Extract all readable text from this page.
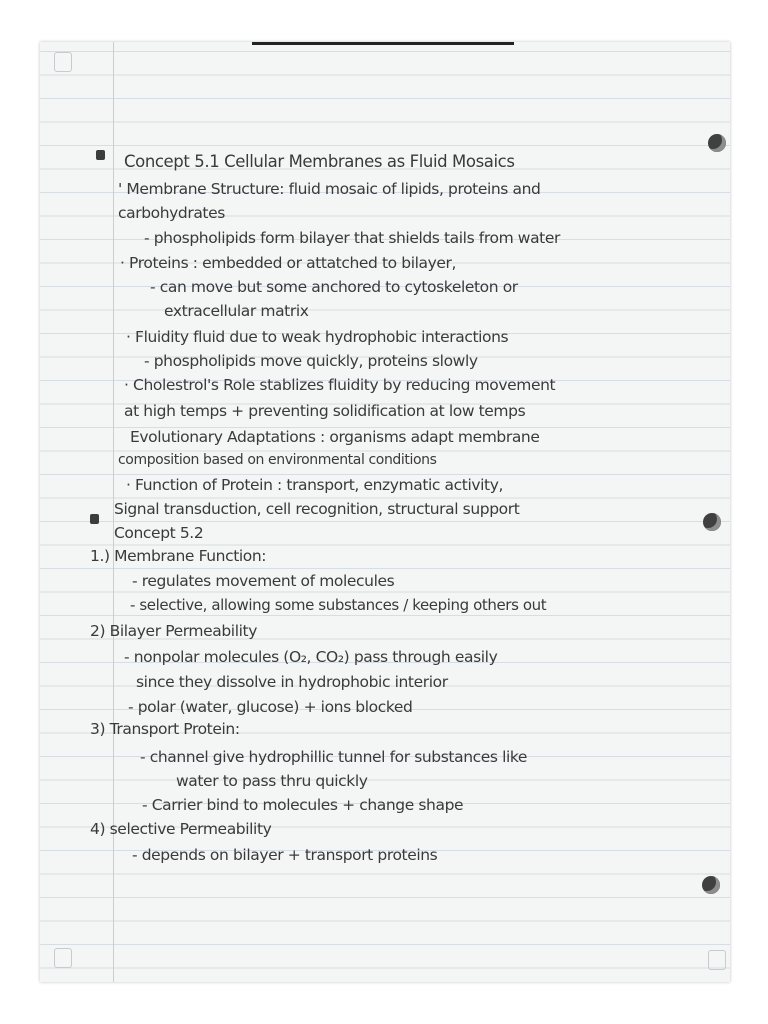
Concept 5.1 Cellular Membranes as Fluid Mosaics
' Membrane Structure: fluid mosaic of lipids, proteins and
carbohydrates
- phospholipids form bilayer that shields tails from water
· Proteins : embedded or attatched to bilayer,
- can move but some anchored to cytoskeleton or
extracellular matrix
· Fluidity fluid due to weak hydrophobic interactions
- phospholipids move quickly, proteins slowly
· Cholestrol's Role stablizes fluidity by reducing movement
at high temps + preventing solidification at low temps
Evolutionary Adaptations : organisms adapt membrane
composition based on environmental conditions
· Function of Protein : transport, enzymatic activity,
Signal transduction, cell recognition, structural support
Concept 5.2
1.) Membrane Function:
- regulates movement of molecules
- selective, allowing some substances / keeping others out
2) Bilayer Permeability
- nonpolar molecules (O₂, CO₂) pass through easily
since they dissolve in hydrophobic interior
- polar (water, glucose) + ions blocked
3) Transport Protein:
- channel give hydrophillic tunnel for substances like
water to pass thru quickly
- Carrier bind to molecules + change shape
4) selective Permeability
- depends on bilayer + transport proteins
